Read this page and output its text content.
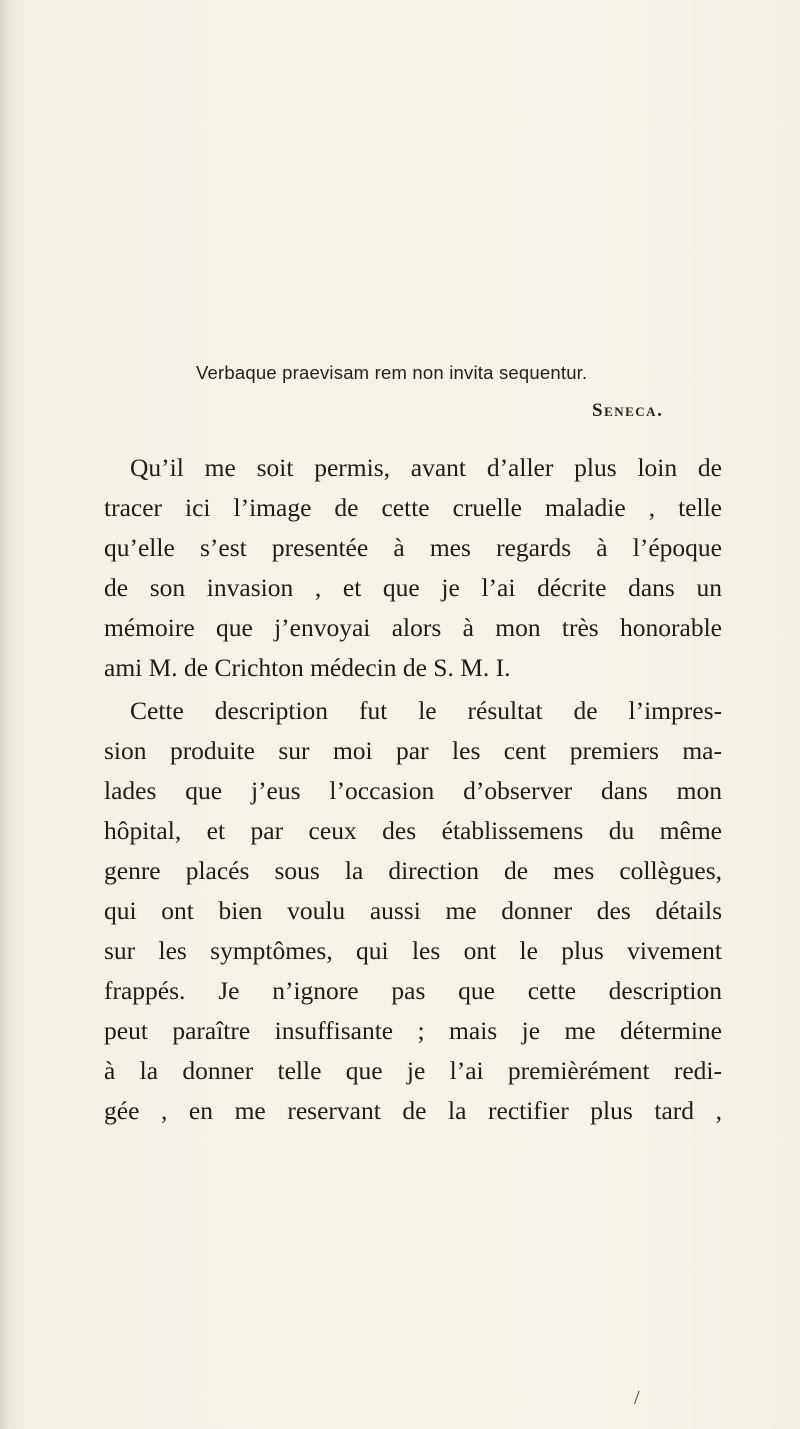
Verbaque praevisam rem non invita sequentur.
Seneca.
Qu’il me soit permis, avant d’aller plus loin de
tracer ici l’image de cette cruelle maladie , telle
qu’elle s’est presentée à mes regards à l’époque
de son invasion , et que je l’ai décrite dans un
mémoire que j’envoyai alors à mon très honorable
ami M. de Crichton médecin de S. M. I.
Cette description fut le résultat de l’impres-
sion produite sur moi par les cent premiers ma-
lades que j’eus l’occasion d’observer dans mon
hôpital, et par ceux des établissemens du même
genre placés sous la direction de mes collègues,
qui ont bien voulu aussi me donner des détails
sur les symptômes, qui les ont le plus vivement
frappés. Je n’ignore pas que cette description
peut paraître insuffisante ; mais je me détermine
à la donner telle que je l’ai premièrément redi-
gée , en me reservant de la rectifier plus tard ,
/
